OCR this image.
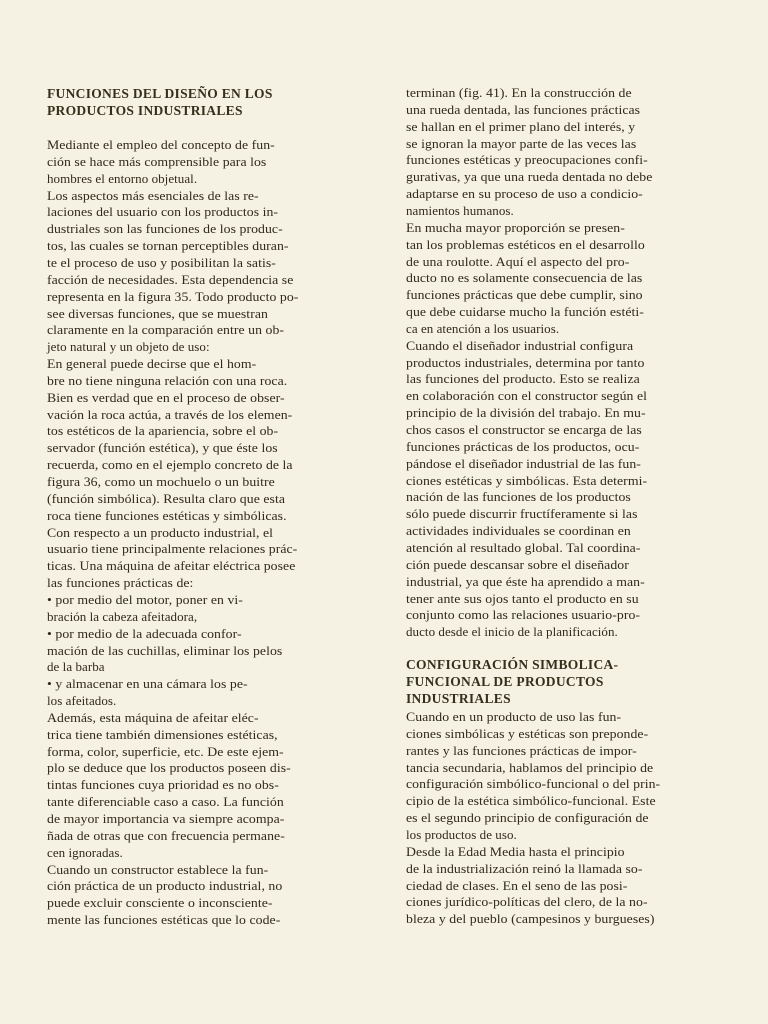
FUNCIONES DEL DISEÑO EN LOS
PRODUCTOS INDUSTRIALES
Mediante el empleo del concepto de fun-
ción se hace más comprensible para los
hombres el entorno objetual.
Los aspectos más esenciales de las re-
laciones del usuario con los productos in-
dustriales son las funciones de los produc-
tos, las cuales se tornan perceptibles duran-
te el proceso de uso y posibilitan la satis-
facción de necesidades. Esta dependencia se
representa en la figura 35. Todo producto po-
see diversas funciones, que se muestran
claramente en la comparación entre un ob-
jeto natural y un objeto de uso:
En general puede decirse que el hom-
bre no tiene ninguna relación con una roca.
Bien es verdad que en el proceso de obser-
vación la roca actúa, a través de los elemen-
tos estéticos de la apariencia, sobre el ob-
servador (función estética), y que éste los
recuerda, como en el ejemplo concreto de la
figura 36, como un mochuelo o un buitre
(función simbólica). Resulta claro que esta
roca tiene funciones estéticas y simbólicas.
Con respecto a un producto industrial, el
usuario tiene principalmente relaciones prác-
ticas. Una máquina de afeitar eléctrica posee
las funciones prácticas de:
• por medio del motor, poner en vi-
bración la cabeza afeitadora,
• por medio de la adecuada confor-
mación de las cuchillas, eliminar los pelos
de la barba
• y almacenar en una cámara los pe-
los afeitados.
Además, esta máquina de afeitar eléc-
trica tiene también dimensiones estéticas,
forma, color, superficie, etc. De este ejem-
plo se deduce que los productos poseen dis-
tintas funciones cuya prioridad es no obs-
tante diferenciable caso a caso. La función
de mayor importancia va siempre acompa-
ñada de otras que con frecuencia permane-
cen ignoradas.
Cuando un constructor establece la fun-
ción práctica de un producto industrial, no
puede excluir consciente o inconsciente-
mente las funciones estéticas que lo code-
terminan (fig. 41). En la construcción de
una rueda dentada, las funciones prácticas
se hallan en el primer plano del interés, y
se ignoran la mayor parte de las veces las
funciones estéticas y preocupaciones confi-
gurativas, ya que una rueda dentada no debe
adaptarse en su proceso de uso a condicio-
namientos humanos.
En mucha mayor proporción se presen-
tan los problemas estéticos en el desarrollo
de una roulotte. Aquí el aspecto del pro-
ducto no es solamente consecuencia de las
funciones prácticas que debe cumplir, sino
que debe cuidarse mucho la función estéti-
ca en atención a los usuarios.
Cuando el diseñador industrial configura
productos industriales, determina por tanto
las funciones del producto. Esto se realiza
en colaboración con el constructor según el
principio de la división del trabajo. En mu-
chos casos el constructor se encarga de las
funciones prácticas de los productos, ocu-
pándose el diseñador industrial de las fun-
ciones estéticas y simbólicas. Esta determi-
nación de las funciones de los productos
sólo puede discurrir fructíferamente si las
actividades individuales se coordinan en
atención al resultado global. Tal coordina-
ción puede descansar sobre el diseñador
industrial, ya que éste ha aprendido a man-
tener ante sus ojos tanto el producto en su
conjunto como las relaciones usuario-pro-
ducto desde el inicio de la planificación.
CONFIGURACIÓN SIMBOLICA-
FUNCIONAL DE PRODUCTOS
INDUSTRIALES
Cuando en un producto de uso las fun-
ciones simbólicas y estéticas son preponde-
rantes y las funciones prácticas de impor-
tancia secundaria, hablamos del principio de
configuración simbólico-funcional o del prin-
cipio de la estética simbólico-funcional. Este
es el segundo principio de configuración de
los productos de uso.
Desde la Edad Media hasta el principio
de la industrialización reinó la llamada so-
ciedad de clases. En el seno de las posi-
ciones jurídico-políticas del clero, de la no-
bleza y del pueblo (campesinos y burgueses)
